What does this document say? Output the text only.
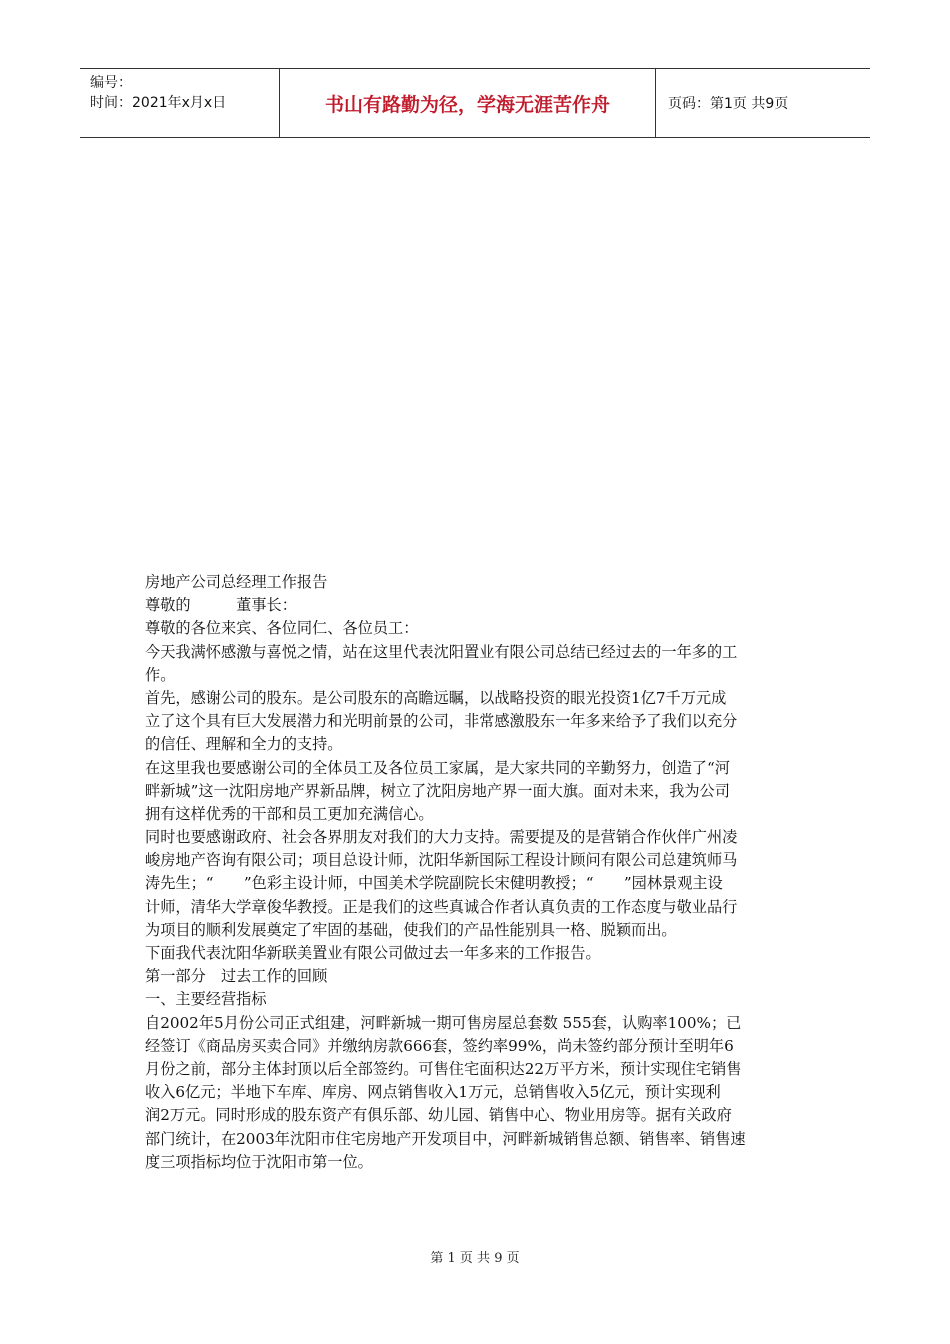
编号：
时间：2021年x月x日	书山有路勤为径，学海无涯苦作舟	页码：第1页 共9页
房地产公司总经理工作报告
尊敬的　　　董事长：
尊敬的各位来宾、各位同仁、各位员工：
今天我满怀感激与喜悦之情，站在这里代表沈阳置业有限公司总结已经过去的一年多的工
作。
首先，感谢公司的股东。是公司股东的高瞻远瞩，以战略投资的眼光投资1亿7千万元成
立了这个具有巨大发展潜力和光明前景的公司，非常感激股东一年多来给予了我们以充分
的信任、理解和全力的支持。
在这里我也要感谢公司的全体员工及各位员工家属，是大家共同的辛勤努力，创造了“河
畔新城”这一沈阳房地产界新品牌，树立了沈阳房地产界一面大旗。面对未来，我为公司
拥有这样优秀的干部和员工更加充满信心。
同时也要感谢政府、社会各界朋友对我们的大力支持。需要提及的是营销合作伙伴广州凌
峻房地产咨询有限公司；项目总设计师，沈阳华新国际工程设计顾问有限公司总建筑师马
涛先生；“　　”色彩主设计师，中国美术学院副院长宋健明教授；“　　”园林景观主设
计师，清华大学章俊华教授。正是我们的这些真诚合作者认真负责的工作态度与敬业品行
为项目的顺利发展奠定了牢固的基础，使我们的产品性能别具一格、脱颖而出。
下面我代表沈阳华新联美置业有限公司做过去一年多来的工作报告。
第一部分　过去工作的回顾
一、主要经营指标
自2002年5月份公司正式组建，河畔新城一期可售房屋总套数 555套，认购率100%；已
经签订《商品房买卖合同》并缴纳房款666套，签约率99%，尚未签约部分预计至明年6
月份之前，部分主体封顶以后全部签约。可售住宅面积达22万平方米，预计实现住宅销售
收入6亿元；半地下车库、库房、网点销售收入1万元，总销售收入5亿元，预计实现利
润2万元。同时形成的股东资产有俱乐部、幼儿园、销售中心、物业用房等。据有关政府
部门统计，在2003年沈阳市住宅房地产开发项目中，河畔新城销售总额、销售率、销售速
度三项指标均位于沈阳市第一位。
第 1 页 共 9 页
